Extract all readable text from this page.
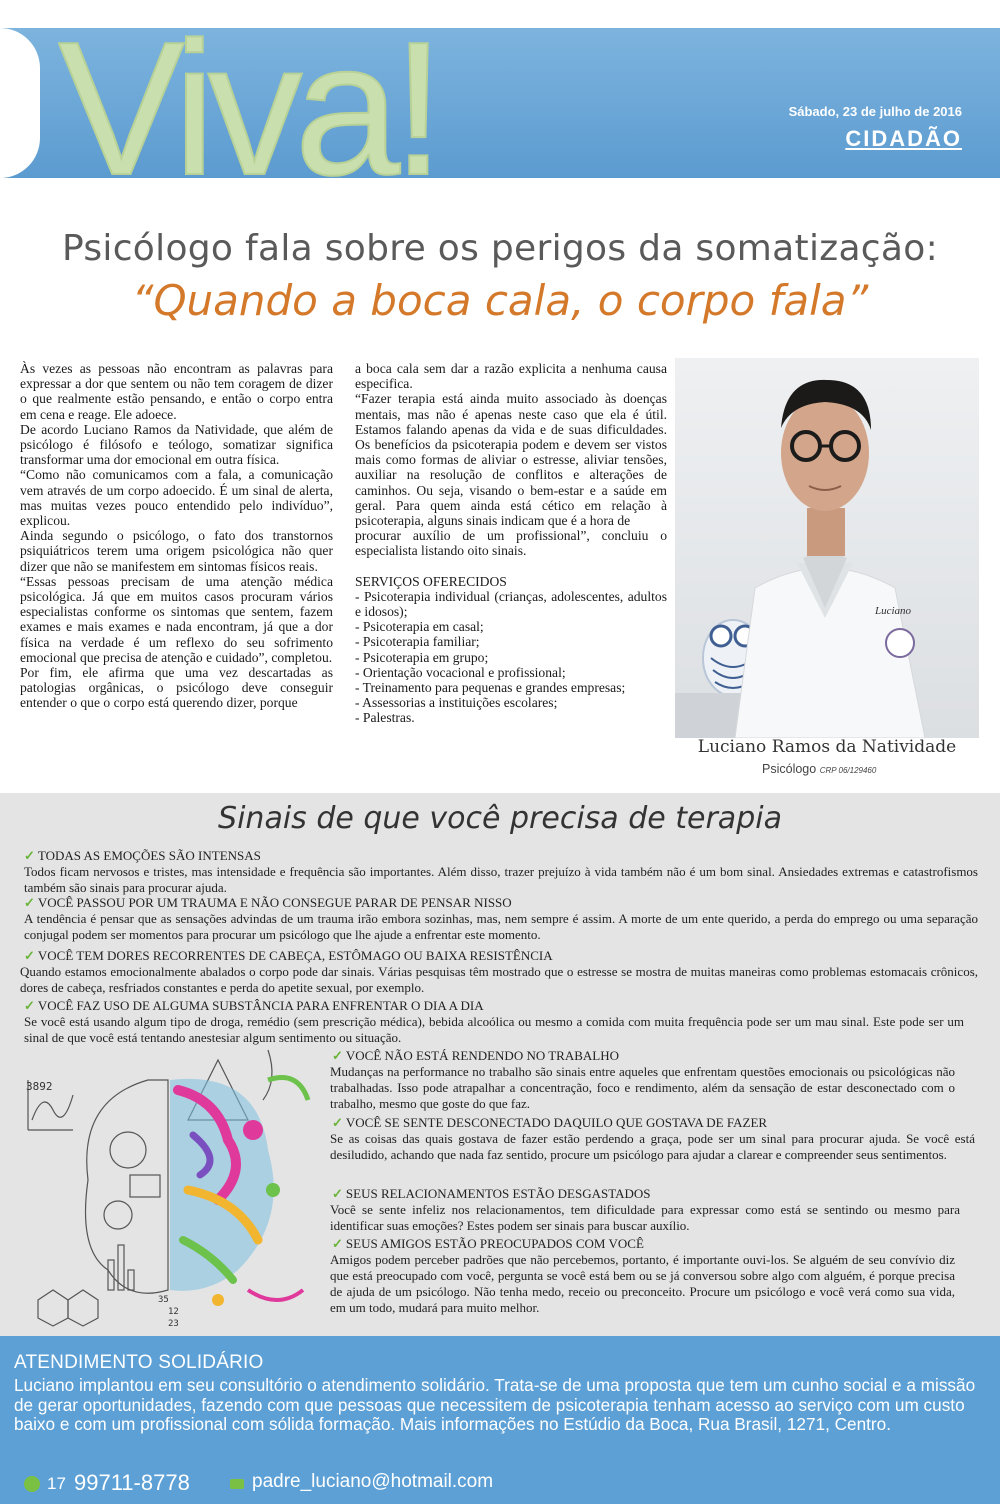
Viva!	Sábado, 23 de julho de 2016
CIDADÃO
Psicólogo fala sobre os perigos da somatização:
“Quando a boca cala, o corpo fala”

Às vezes as pessoas não encontram as palavras para expressar a dor que sentem ou não tem coragem de dizer o que realmente estão pensando, e então o corpo entra em cena e reage. Ele adoece.

De acordo Luciano Ramos da Natividade, que além de psicólogo é filósofo e teólogo, somatizar significa transformar uma dor emocional em outra física.

“Como não comunicamos com a fala, a comunicação vem através de um corpo adoecido. É um sinal de alerta, mas muitas vezes pouco entendido pelo indivíduo”, explicou.

Ainda segundo o psicólogo, o fato dos transtornos psiquiátricos terem uma origem psicológica não quer dizer que não se manifestem em sintomas físicos reais.

“Essas pessoas precisam de uma atenção médica psicológica. Já que em muitos casos procuram vários especialistas conforme os sintomas que sentem, fazem exames e mais exames e nada encontram, já que a dor física na verdade é um reflexo do seu sofrimento emocional que precisa de atenção e cuidado”, completou.

Por fim, ele afirma que uma vez descartadas as patologias orgânicas, o psicólogo deve conseguir entender o que o corpo está querendo dizer, porque

a boca cala sem dar a razão explicita a nenhuma causa especifica.

“Fazer terapia está ainda muito associado às doenças mentais, mas não é apenas neste caso que ela é útil. Estamos falando apenas da vida e de suas dificuldades. Os benefícios da psicoterapia podem e devem ser vistos mais como formas de aliviar o estresse, aliviar tensões, auxiliar na resolução de conflitos e alterações de caminhos. Ou seja, visando o bem-estar e a saúde em geral. Para quem ainda está cético em relação à psicoterapia, alguns sinais indicam que é a hora de

procurar auxílio de um profissional”, concluiu o especialista listando oito sinais.

SERVIÇOS OFERECIDOS

- Psicoterapia individual (crianças, adolescentes, adultos e idosos);

- Psicoterapia em casal;

- Psicoterapia familiar;

- Psicoterapia em grupo;

- Orientação vocacional e profissional;

- Treinamento para pequenas e grandes empresas;

- Assessorias a instituições escolares;

- Palestras.

Luciano
Luciano Ramos da Natividade
Psicólogo CRP 06/129460
Sinais de que você precisa de terapia
✓ TODAS AS EMOÇÕES SÃO INTENSAS
Todos ficam nervosos e tristes, mas intensidade e frequência são importantes. Além disso, trazer prejuízo à vida também não é um bom sinal. Ansiedades extremas e catastrofismos também são sinais para procurar ajuda.
✓ VOCÊ PASSOU POR UM TRAUMA E NÃO CONSEGUE PARAR DE PENSAR NISSO
A tendência é pensar que as sensações advindas de um trauma irão embora sozinhas, mas, nem sempre é assim. A morte de um ente querido, a perda do emprego ou uma separação conjugal podem ser momentos para procurar um psicólogo que lhe ajude a enfrentar este momento.
✓ VOCÊ TEM DORES RECORRENTES DE CABEÇA, ESTÔMAGO OU BAIXA RESISTÊNCIA
Quando estamos emocionalmente abalados o corpo pode dar sinais. Várias pesquisas têm mostrado que o estresse se mostra de muitas maneiras como problemas estomacais crônicos, dores de cabeça, resfriados constantes e perda do apetite sexual, por exemplo.
✓ VOCÊ FAZ USO DE ALGUMA SUBSTÂNCIA PARA ENFRENTAR O DIA A DIA
Se você está usando algum tipo de droga, remédio (sem prescrição médica), bebida alcoólica ou mesmo a comida com muita frequência pode ser um mau sinal. Este pode ser um sinal de que você está tentando anestesiar algum sentimento ou situação.
✓ VOCÊ NÃO ESTÁ RENDENDO NO TRABALHO
Mudanças na performance no trabalho são sinais entre aqueles que enfrentam questões emocionais ou psicológicas não trabalhadas. Isso pode atrapalhar a concentração, foco e rendimento, além da sensação de estar desconectado com o trabalho, mesmo que goste do que faz.
✓ VOCÊ SE SENTE DESCONECTADO DAQUILO QUE GOSTAVA DE FAZER
Se as coisas das quais gostava de fazer estão perdendo a graça, pode ser um sinal para procurar ajuda. Se você está desiludido, achando que nada faz sentido, procure um psicólogo para ajudar a clarear e compreender seus sentimentos.
✓ SEUS RELACIONAMENTOS ESTÃO DESGASTADOS
Você se sente infeliz nos relacionamentos, tem dificuldade para expressar como está se sentindo ou mesmo para identificar suas emoções? Estes podem ser sinais para buscar auxílio.
✓ SEUS AMIGOS ESTÃO PREOCUPADOS COM VOCÊ
Amigos podem perceber padrões que não percebemos, portanto, é importante ouvi-los. Se alguém de seu convívio diz que está preocupado com você, pergunta se você está bem ou se já conversou sobre algo com alguém, é porque precisa de ajuda de um psicólogo. Não tenha medo, receio ou preconceito. Procure um psicólogo e você verá como sua vida, em um todo, mudará para muito melhor.
3892
35
12
23
ATENDIMENTO SOLIDÁRIO
Luciano implantou em seu consultório o atendimento solidário. Trata-se de uma proposta que tem um cunho social e a missão de gerar oportunidades, fazendo com que pessoas que necessitem de psicoterapia tenham acesso ao serviço com um custo baixo e com um profissional com sólida formação. Mais informações no Estúdio da Boca, Rua Brasil, 1271, Centro.
17 99711-8778	padre_luciano@hotmail.com
